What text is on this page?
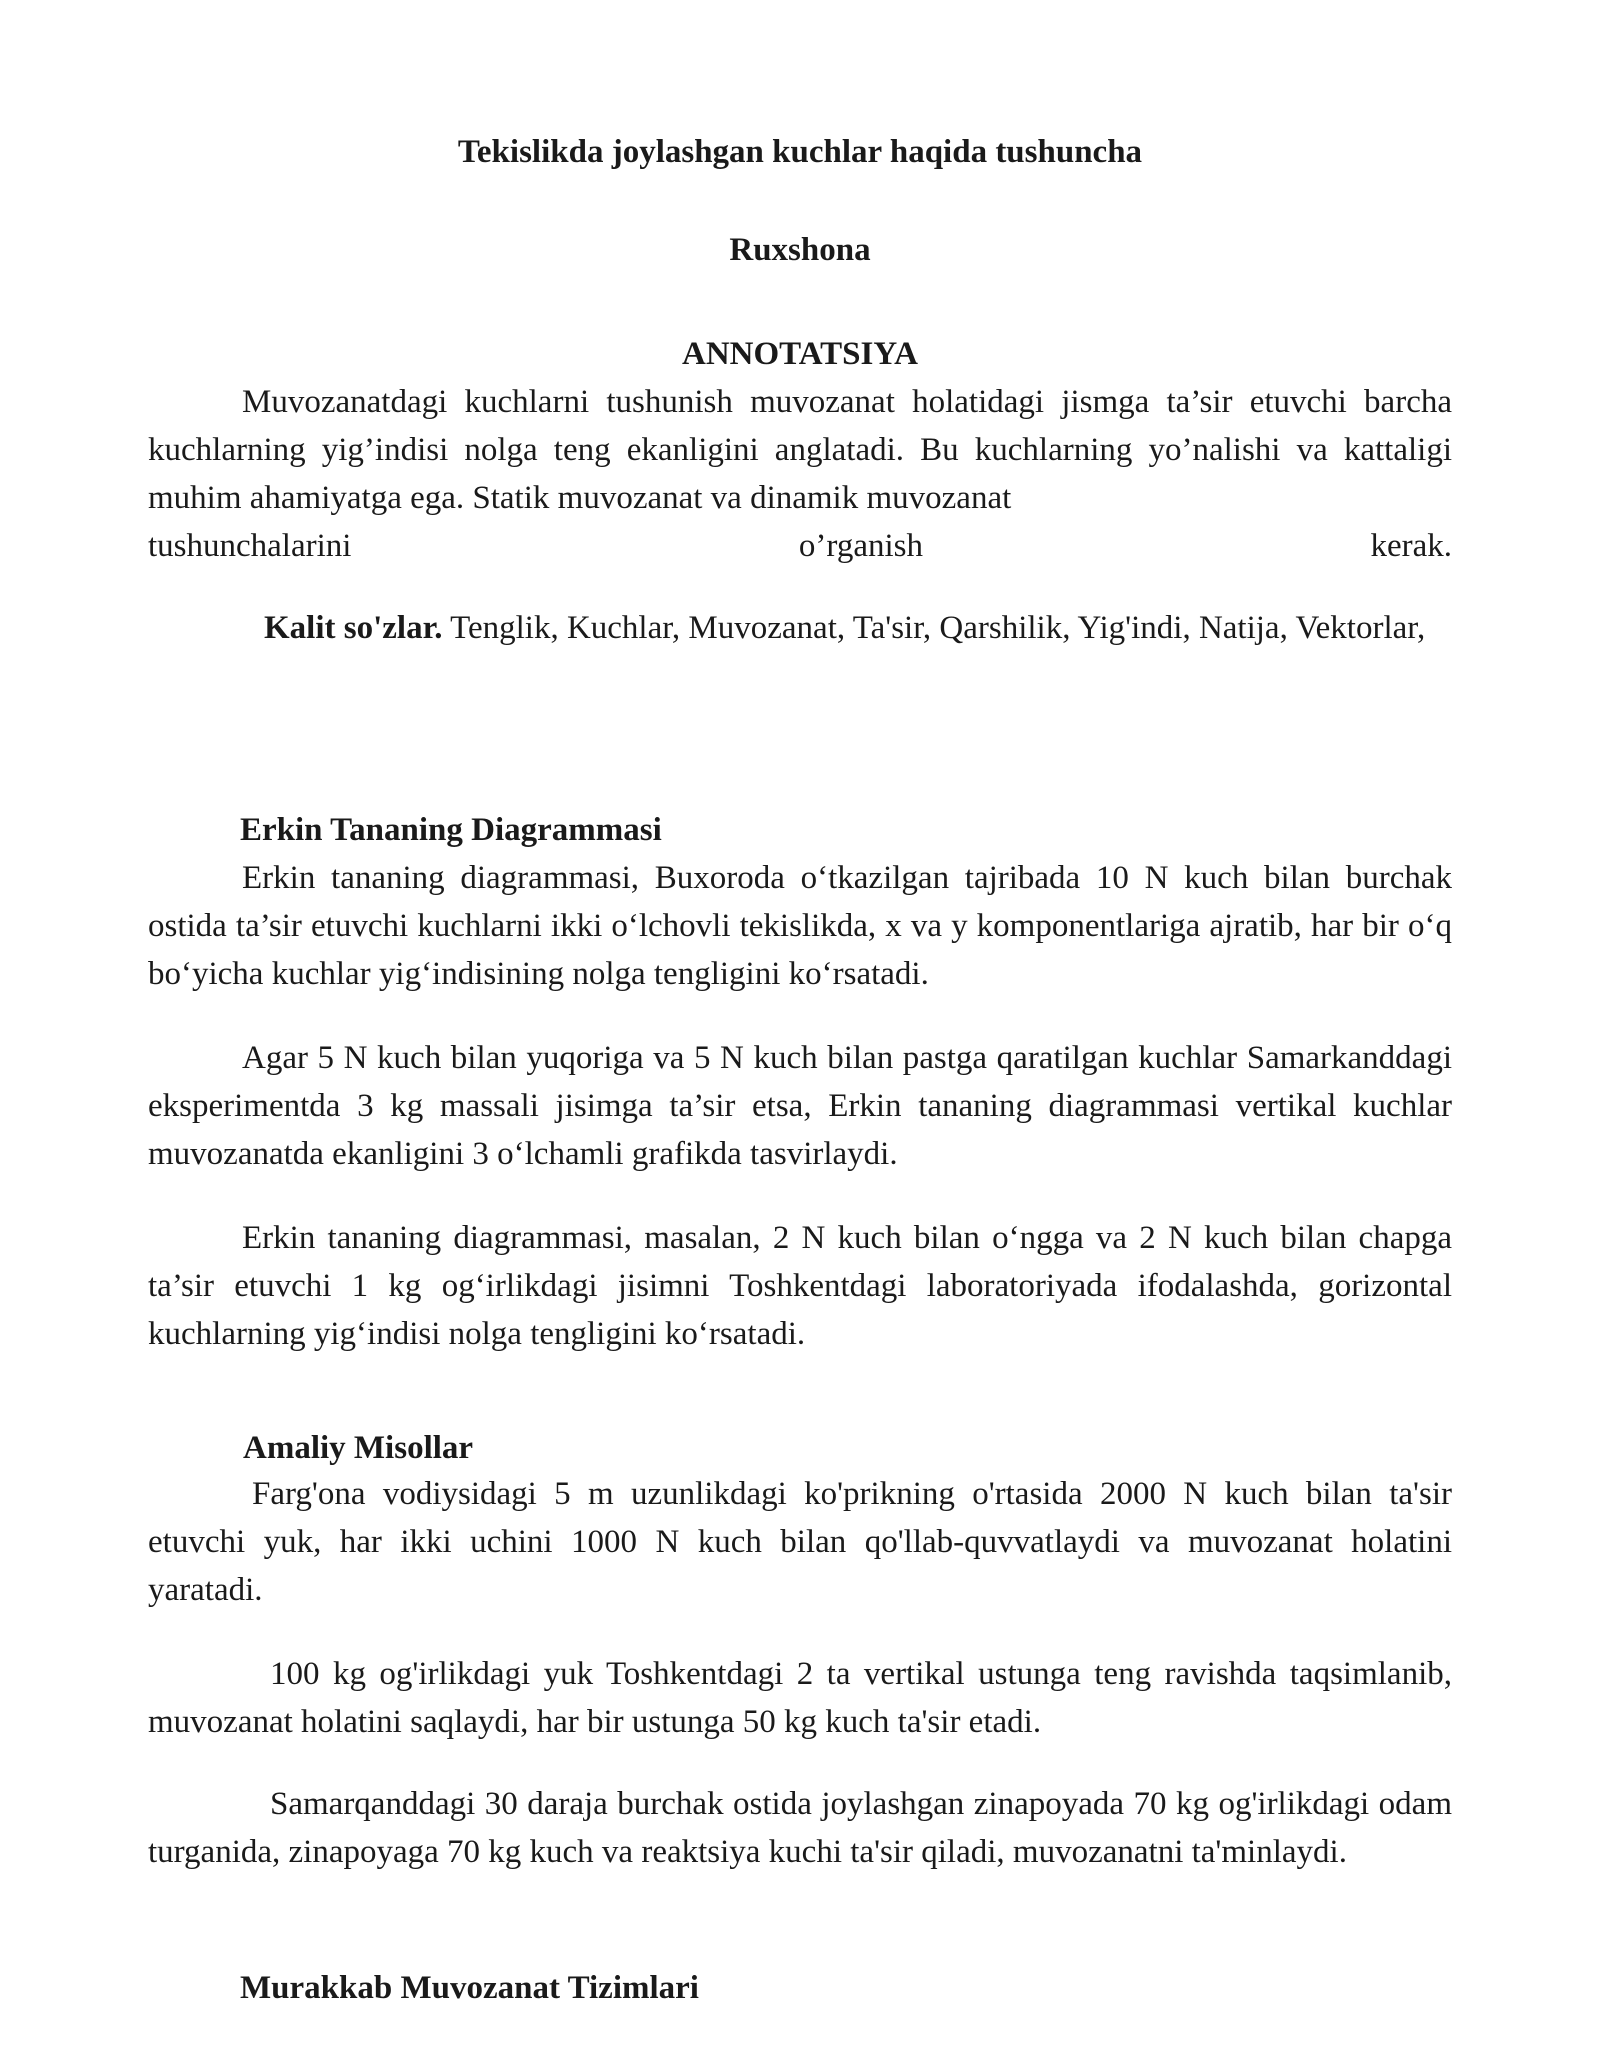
Tekislikda joylashgan kuchlar haqida tushuncha
Ruxshona
ANNOTATSIYA

Muvozanatdagi kuchlarni tushunish muvozanat holatidagi jismga ta’sir etuvchi barcha kuchlarning yig’indisi nolga teng ekanligini anglatadi. Bu kuchlarning yo’nalishi va kattaligi muhim ahamiyatga ega. Statik muvozanat va dinamik muvozanat

tushunchalarini o’rganish kerak.

Kalit so'zlar. Tenglik, Kuchlar, Muvozanat, Ta'sir, Qarshilik, Yig'indi, Natija, Vektorlar,

Erkin Tananing Diagrammasi

Erkin tananing diagrammasi, Buxoroda o‘tkazilgan tajribada 10 N kuch bilan burchak ostida ta’sir etuvchi kuchlarni ikki o‘lchovli tekislikda, x va y komponentlariga ajratib, har bir o‘q bo‘yicha kuchlar yig‘indisining nolga tengligini ko‘rsatadi.

Agar 5 N kuch bilan yuqoriga va 5 N kuch bilan pastga qaratilgan kuchlar Samarkanddagi eksperimentda 3 kg massali jisimga ta’sir etsa, Erkin tananing diagrammasi vertikal kuchlar muvozanatda ekanligini 3 o‘lchamli grafikda tasvirlaydi.

Erkin tananing diagrammasi, masalan, 2 N kuch bilan o‘ngga va 2 N kuch bilan chapga ta’sir etuvchi 1 kg og‘irlikdagi jisimni Toshkentdagi laboratoriyada ifodalashda, gorizontal kuchlarning yig‘indisi nolga tengligini ko‘rsatadi.

Amaliy Misollar

Farg'ona vodiysidagi 5 m uzunlikdagi ko'prikning o'rtasida 2000 N kuch bilan ta'sir etuvchi yuk, har ikki uchini 1000 N kuch bilan qo'llab-quvvatlaydi va muvozanat holatini yaratadi.

100 kg og'irlikdagi yuk Toshkentdagi 2 ta vertikal ustunga teng ravishda taqsimlanib, muvozanat holatini saqlaydi, har bir ustunga 50 kg kuch ta'sir etadi.

Samarqanddagi 30 daraja burchak ostida joylashgan zinapoyada 70 kg og'irlikdagi odam turganida, zinapoyaga 70 kg kuch va reaktsiya kuchi ta'sir qiladi, muvozanatni ta'minlaydi.

Murakkab Muvozanat Tizimlari
